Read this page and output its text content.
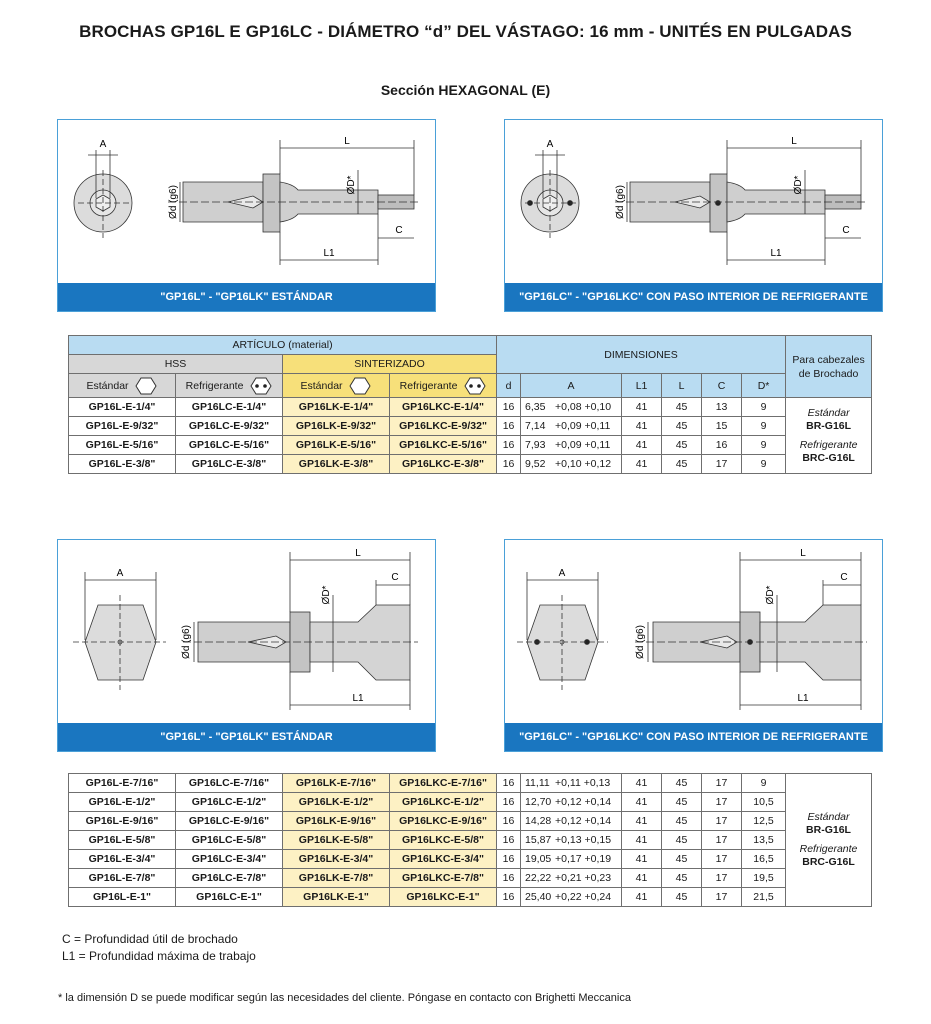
BROCHAS GP16L E GP16LC - DIÁMETRO “d” DEL VÁSTAGO: 16 mm - UNITÉS EN PULGADAS
Sección HEXAGONAL (E)
A	L
L1
C
ØD*
Ød (g6)
"GP16L" - "GP16LK" ESTÁNDAR
A	L
L1
C
ØD*
Ød (g6)
"GP16LC" - "GP16LKC" CON PASO INTERIOR DE REFRIGERANTE
ARTÍCULO (material)				DIMENSIONES						Para cabezales de Brochado
HSS		SINTERIZADO								
Estándar	Refrigerante	Estándar	Refrigerante	d	A	L1	L	C	D*	
GP16L-E-1/4"	GP16LC-E-1/4"	GP16LK-E-1/4"	GP16LKC-E-1/4"	16	6,35 +0,08 +0,10	41	45	13	9	Estándar
BR-G16L
Refrigerante
BRC-G16L

GP16L-E-9/32"	GP16LC-E-9/32"	GP16LK-E-9/32"	GP16LKC-E-9/32"	16	7,14 +0,09 +0,11	41	45	15	9	
GP16L-E-5/16"	GP16LC-E-5/16"	GP16LK-E-5/16"	GP16LKC-E-5/16"	16	7,93 +0,09 +0,11	41	45	16	9	
GP16L-E-3/8"	GP16LC-E-3/8"	GP16LK-E-3/8"	GP16LKC-E-3/8"	16	9,52 +0,10 +0,12	41	45	17	9	
A
L
L1
C
ØD*
Ød (g6)
"GP16L" - "GP16LK" ESTÁNDAR
A
L
L1
C
ØD*
Ød (g6)
"GP16LC" - "GP16LKC" CON PASO INTERIOR DE REFRIGERANTE
GP16L-E-7/16"	GP16LC-E-7/16"	GP16LK-E-7/16"	GP16LKC-E-7/16"	16	11,11 +0,11 +0,13	41	45	17	9	Estándar
BR-G16L
Refrigerante
BRC-G16L

GP16L-E-1/2"	GP16LC-E-1/2"	GP16LK-E-1/2"	GP16LKC-E-1/2"	16	12,70 +0,12 +0,14	41	45	17	10,5	
GP16L-E-9/16"	GP16LC-E-9/16"	GP16LK-E-9/16"	GP16LKC-E-9/16"	16	14,28 +0,12 +0,14	41	45	17	12,5	
GP16L-E-5/8"	GP16LC-E-5/8"	GP16LK-E-5/8"	GP16LKC-E-5/8"	16	15,87 +0,13 +0,15	41	45	17	13,5	
GP16L-E-3/4"	GP16LC-E-3/4"	GP16LK-E-3/4"	GP16LKC-E-3/4"	16	19,05 +0,17 +0,19	41	45	17	16,5	
GP16L-E-7/8"	GP16LC-E-7/8"	GP16LK-E-7/8"	GP16LKC-E-7/8"	16	22,22 +0,21 +0,23	41	45	17	19,5	
GP16L-E-1"	GP16LC-E-1"	GP16LK-E-1"	GP16LKC-E-1"	16	25,40 +0,22 +0,24	41	45	17	21,5	
C = Profundidad útil de brochado
L1 = Profundidad máxima de trabajo
* la dimensión D se puede modificar según las necesidades del cliente. Póngase en contacto con Brighetti Meccanica
